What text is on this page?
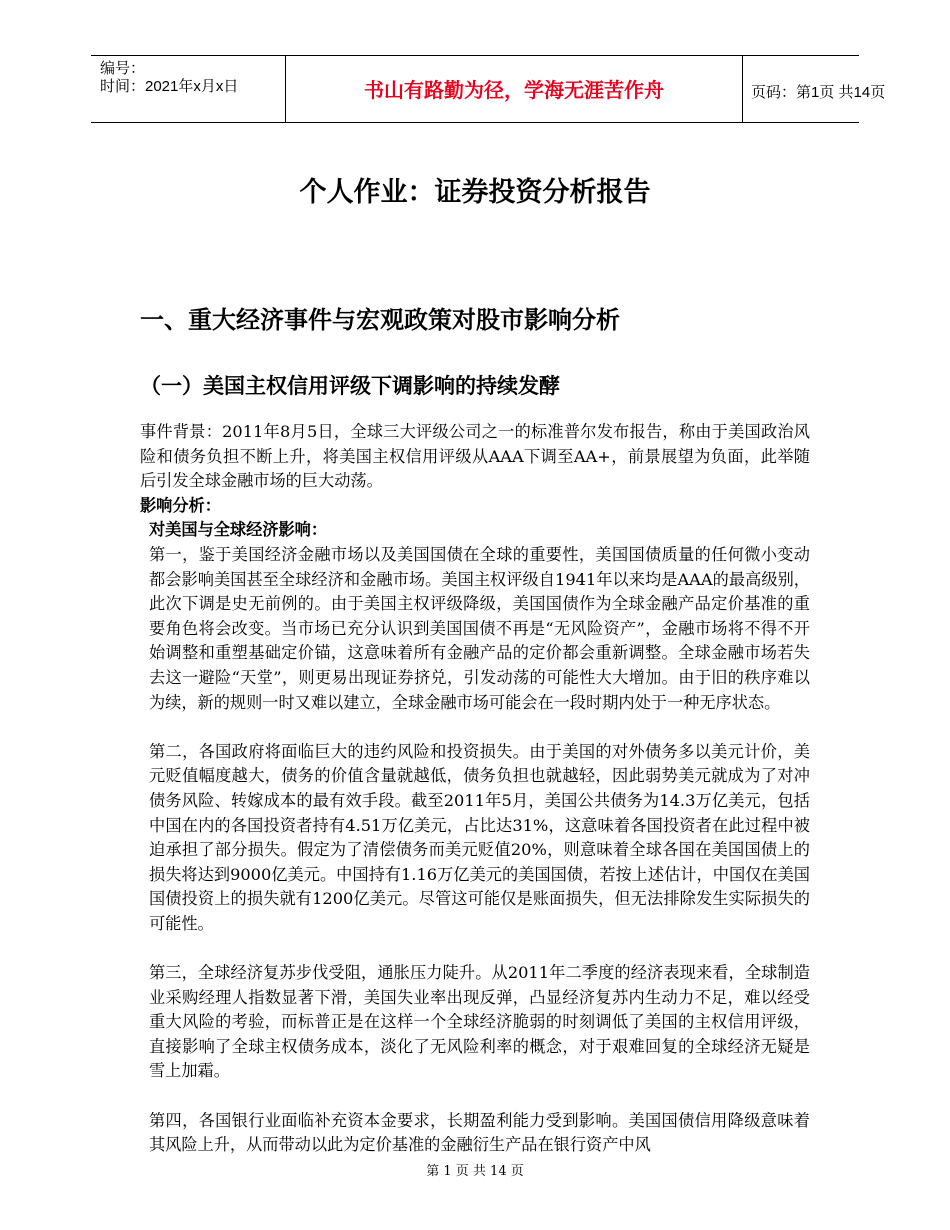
编号：
时间：2021年x月x日	书山有路勤为径，学海无涯苦作舟	页码：第1页 共14页
个人作业：证券投资分析报告
一、重大经济事件与宏观政策对股市影响分析
（一）美国主权信用评级下调影响的持续发酵

事件背景：2011年8月5日，全球三大评级公司之一的标准普尔发布报告，称由于美国政治风险和债务负担不断上升，将美国主权信用评级从AAA下调至AA+，前景展望为负面，此举随后引发全球金融市场的巨大动荡。

影响分析：

对美国与全球经济影响：

第一，鉴于美国经济金融市场以及美国国债在全球的重要性，美国国债质量的任何微小变动都会影响美国甚至全球经济和金融市场。美国主权评级自1941年以来均是AAA的最高级别，此次下调是史无前例的。由于美国主权评级降级，美国国债作为全球金融产品定价基准的重要角色将会改变。当市场已充分认识到美国国债不再是“无风险资产”，金融市场将不得不开始调整和重塑基础定价锚，这意味着所有金融产品的定价都会重新调整。全球金融市场若失去这一避险“天堂”，则更易出现证券挤兑，引发动荡的可能性大大增加。由于旧的秩序难以为续，新的规则一时又难以建立，全球金融市场可能会在一段时期内处于一种无序状态。

第二，各国政府将面临巨大的违约风险和投资损失。由于美国的对外债务多以美元计价，美元贬值幅度越大，债务的价值含量就越低，债务负担也就越轻，因此弱势美元就成为了对冲债务风险、转嫁成本的最有效手段。截至2011年5月，美国公共债务为14.3万亿美元，包括中国在内的各国投资者持有4.51万亿美元，占比达31%，这意味着各国投资者在此过程中被迫承担了部分损失。假定为了清偿债务而美元贬值20%，则意味着全球各国在美国国债上的损失将达到9000亿美元。中国持有1.16万亿美元的美国国债，若按上述估计，中国仅在美国国债投资上的损失就有1200亿美元。尽管这可能仅是账面损失，但无法排除发生实际损失的可能性。

第三，全球经济复苏步伐受阻，通胀压力陡升。从2011年二季度的经济表现来看，全球制造业采购经理人指数显著下滑，美国失业率出现反弹，凸显经济复苏内生动力不足，难以经受重大风险的考验，而标普正是在这样一个全球经济脆弱的时刻调低了美国的主权信用评级，直接影响了全球主权债务成本，淡化了无风险利率的概念，对于艰难回复的全球经济无疑是雪上加霜。

第四，各国银行业面临补充资本金要求，长期盈利能力受到影响。美国国债信用降级意味着其风险上升，从而带动以此为定价基准的金融衍生产品在银行资产中风

第 1 页 共 14 页
